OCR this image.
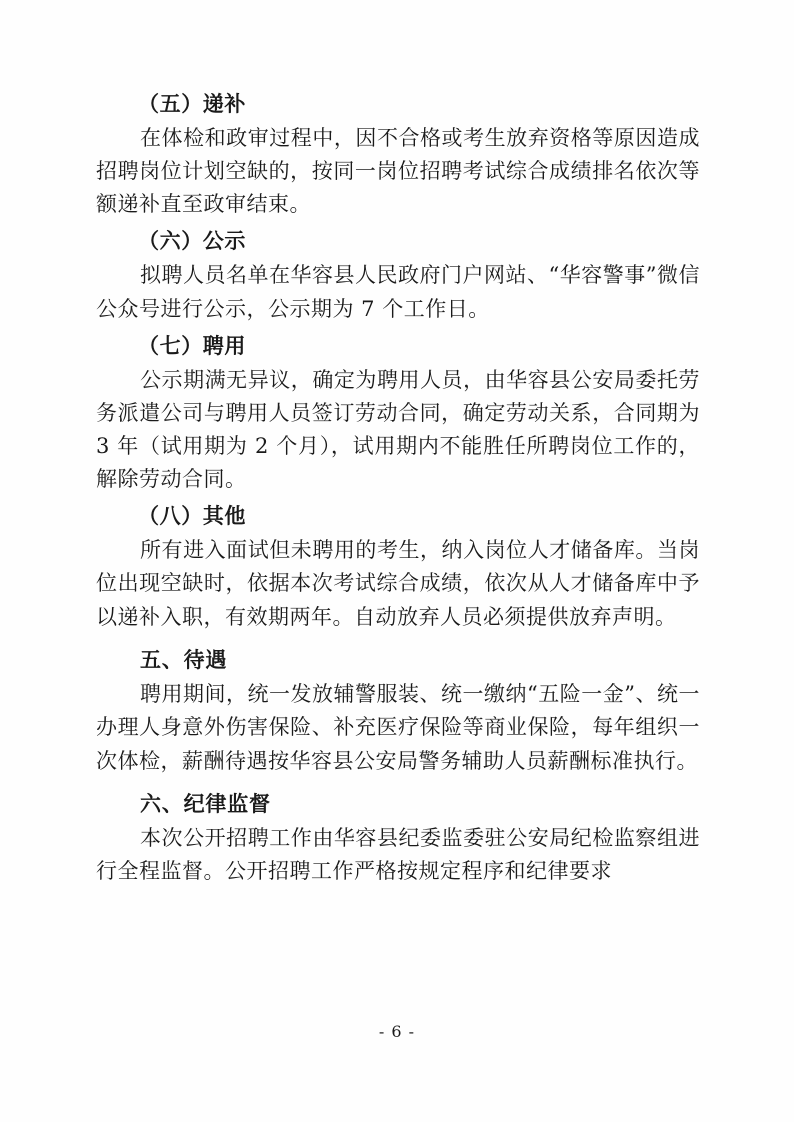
（五）递补

在体检和政审过程中，因不合格或考生放弃资格等原因造成招聘岗位计划空缺的，按同一岗位招聘考试综合成绩排名依次等额递补直至政审结束。

（六）公示

拟聘人员名单在华容县人民政府门户网站、“华容警事”微信公众号进行公示，公示期为 7 个工作日。

（七）聘用

公示期满无异议，确定为聘用人员，由华容县公安局委托劳务派遣公司与聘用人员签订劳动合同，确定劳动关系，合同期为 3 年（试用期为 2 个月），试用期内不能胜任所聘岗位工作的，解除劳动合同。

（八）其他

所有进入面试但未聘用的考生，纳入岗位人才储备库。当岗位出现空缺时，依据本次考试综合成绩，依次从人才储备库中予以递补入职，有效期两年。自动放弃人员必须提供放弃声明。

五、待遇

聘用期间，统一发放辅警服装、统一缴纳“五险一金”、统一办理人身意外伤害保险、补充医疗保险等商业保险，每年组织一次体检，薪酬待遇按华容县公安局警务辅助人员薪酬标准执行。

六、纪律监督

本次公开招聘工作由华容县纪委监委驻公安局纪检监察组进行全程监督。公开招聘工作严格按规定程序和纪律要求

- 6 -
